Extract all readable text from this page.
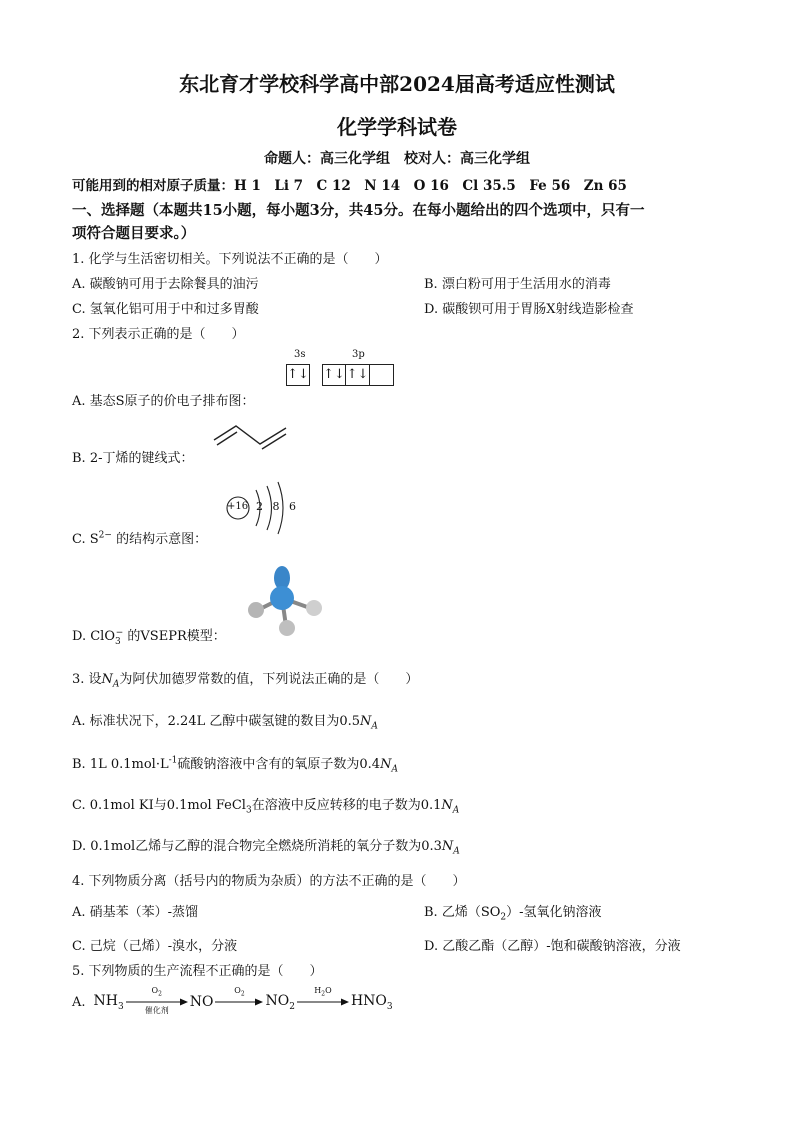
东北育才学校科学高中部2024届高考适应性测试
化学学科试卷
命题人：高三化学组　校对人：高三化学组
可能用到的相对原子质量：H 1　Li 7　C 12　N 14　O 16　Cl 35.5　Fe 56　Zn 65
一、选择题（本题共15小题，每小题3分，共45分。在每小题给出的四个选项中，只有一
项符合题目要求。）
1. 化学与生活密切相关。下列说法不正确的是（　　）
A. 碳酸钠可用于去除餐具的油污	B. 漂白粉可用于生活用水的消毒
C. 氢氧化铝可用于中和过多胃酸	D. 碳酸钡可用于胃肠X射线造影检查
2. 下列表示正确的是（　　）
3s	3p
↑↓ ↑↓ ↑↓
A. 基态S原子的价电子排布图：
B. 2-丁烯的键线式：
+16 2 8 6
C. $S^{2-}$ 的结构示意图：
D. ClO$_3$− 的VSEPR模型：
3. 设$N_A$为阿伏加德罗常数的值，下列说法正确的是（　　）
A. 标准状况下，2.24L 乙醇中碳氢键的数目为$0.5N_A$
B. 1L $0.1mol\cdot L^{-1}$硫酸钠溶液中含有的氧原子数为$0.4N_A$
C. 0.1mol KI与0.1mol FeCl$_3$在溶液中反应转移的电子数为$0.1N_A$
D. 0.1mol乙烯与乙醇的混合物完全燃烧所消耗的氧分子数为$0.3N_A$
4. 下列物质分离（括号内的物质为杂质）的方法不正确的是（　　）
A. 硝基苯（苯）-蒸馏	B. 乙烯$(SO_2)-$氢氧化钠溶液
C. 己烷（己烯）-溴水，分液	D. 乙酸乙酯（乙醇）-饱和碳酸钠溶液，分液
5. 下列物质的生产流程不正确的是（　　）
A. $NH_3$
$O_2$
催化剂
NO
$O_2$	$NO_2$
$H_2O$
$HNO_3$
